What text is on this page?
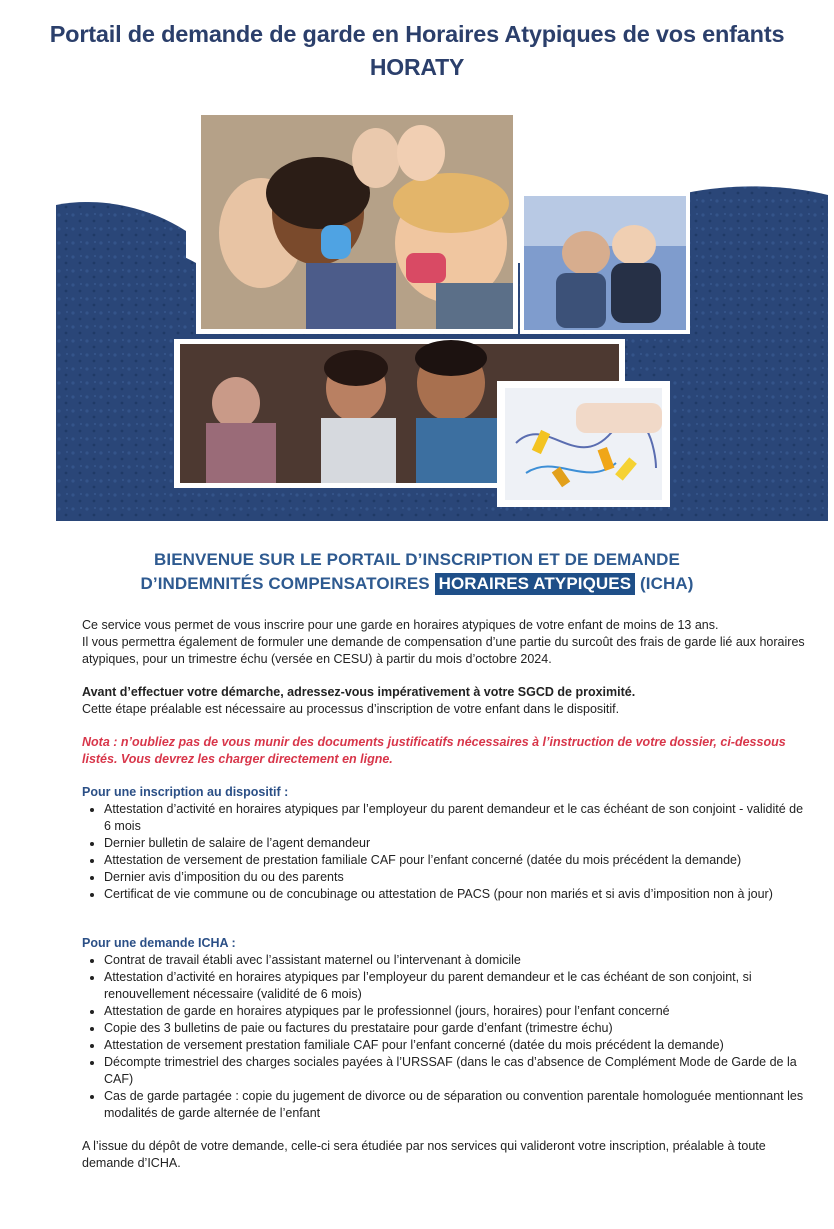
Portail de demande de garde en Horaires Atypiques de vos enfants
HORATY
BIENVENUE SUR LE PORTAIL D’INSCRIPTION ET DE DEMANDE
D’INDEMNITÉS COMPENSATOIRES HORAIRES ATYPIQUES (ICHA)

Ce service vous permet de vous inscrire pour une garde en horaires atypiques de votre enfant de moins de 13 ans.

Il vous permettra également de formuler une demande de compensation d’une partie du surcoût des frais de garde lié aux horaires atypiques, pour un trimestre échu (versée en CESU) à partir du mois d’octobre 2024.

Avant d’effectuer votre démarche, adressez-vous impérativement à votre SGCD de proximité.

Cette étape préalable est nécessaire au processus d’inscription de votre enfant dans le dispositif.

Nota : n’oubliez pas de vous munir des documents justificatifs nécessaires à l’instruction de votre dossier, ci-dessous listés. Vous devrez les charger directement en ligne.

Pour une inscription au dispositif :

• Attestation d’activité en horaires atypiques par l’employeur du parent demandeur et le cas échéant de son conjoint - validité de 6 mois
• Dernier bulletin de salaire de l’agent demandeur
• Attestation de versement de prestation familiale CAF pour l’enfant concerné (datée du mois précédent la demande)
• Dernier avis d’imposition du ou des parents
• Certificat de vie commune ou de concubinage ou attestation de PACS (pour non mariés et si avis d’imposition non à jour)

Pour une demande ICHA :

• Contrat de travail établi avec l’assistant maternel ou l’intervenant à domicile
• Attestation d’activité en horaires atypiques par l’employeur du parent demandeur et le cas échéant de son conjoint, si renouvellement nécessaire (validité de 6 mois)
• Attestation de garde en horaires atypiques par le professionnel (jours, horaires) pour l’enfant concerné
• Copie des 3 bulletins de paie ou factures du prestataire pour garde d’enfant (trimestre échu)
• Attestation de versement prestation familiale CAF pour l’enfant concerné (datée du mois précédent la demande)
• Décompte trimestriel des charges sociales payées à l’URSSAF (dans le cas d’absence de Complément Mode de Garde de la CAF)
• Cas de garde partagée : copie du jugement de divorce ou de séparation ou convention parentale homologuée mentionnant les modalités de garde alternée de l’enfant

A l’issue du dépôt de votre demande, celle-ci sera étudiée par nos services qui valideront votre inscription, préalable à toute demande d’ICHA.
